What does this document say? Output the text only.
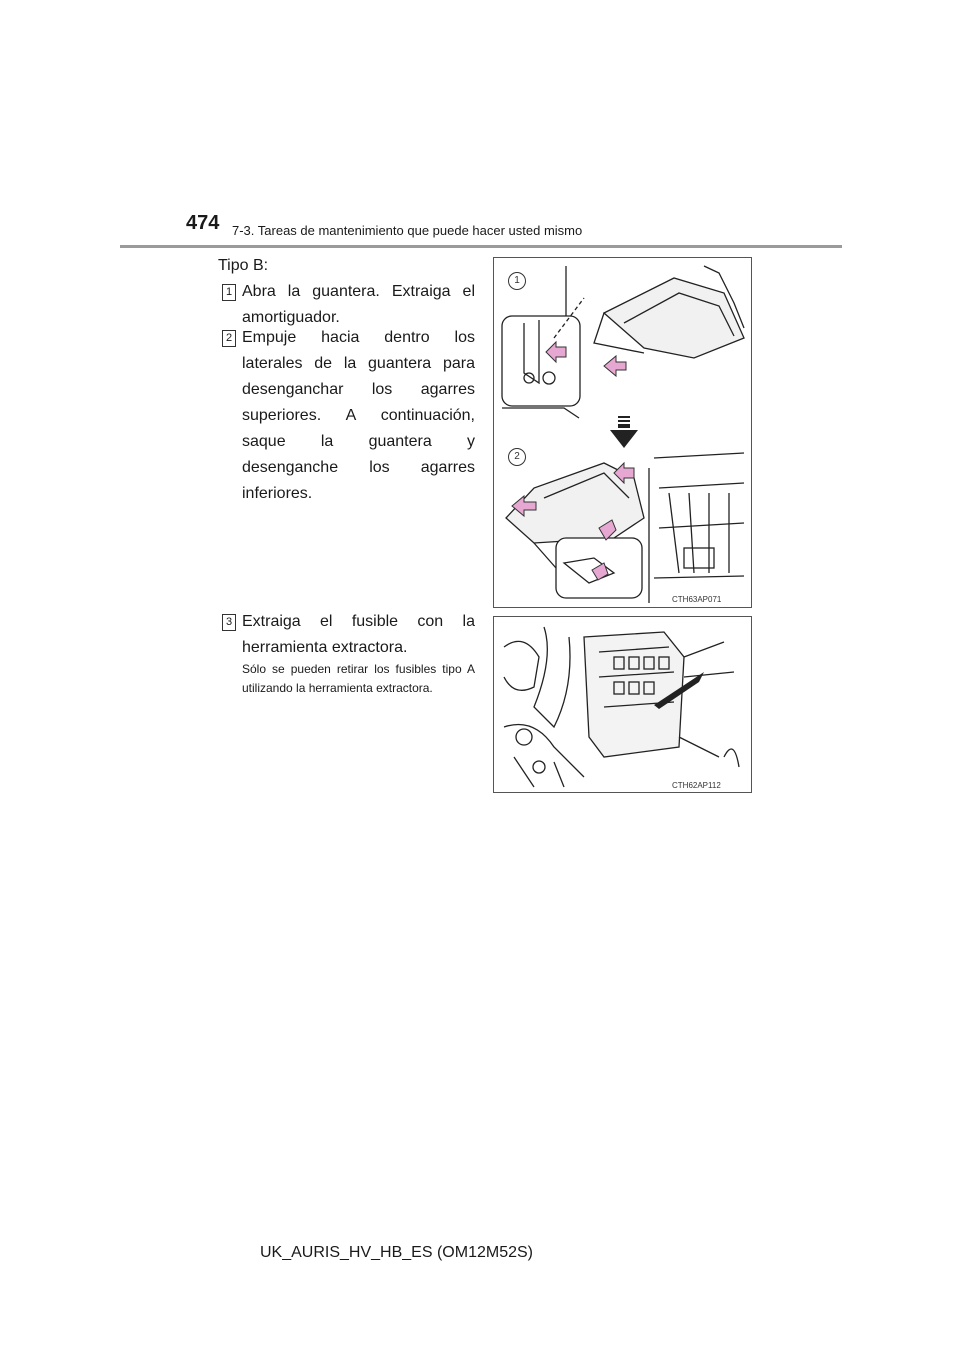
474 7-3. Tareas de mantenimiento que puede hacer usted mismo
Tipo B:
1 Abra la guantera. Extraiga el amortiguador.
2 Empuje hacia dentro los laterales de la guantera para desenganchar los agarres superiores. A continuación, saque la guantera y desenganche los agarres inferiores.
3 Extraiga el fusible con la herramienta extractora.
Sólo se pueden retirar los fusibles tipo A utilizando la herramienta extractora.
1
2
CTH63AP071
CTH62AP112
UK_AURIS_HV_HB_ES (OM12M52S)
